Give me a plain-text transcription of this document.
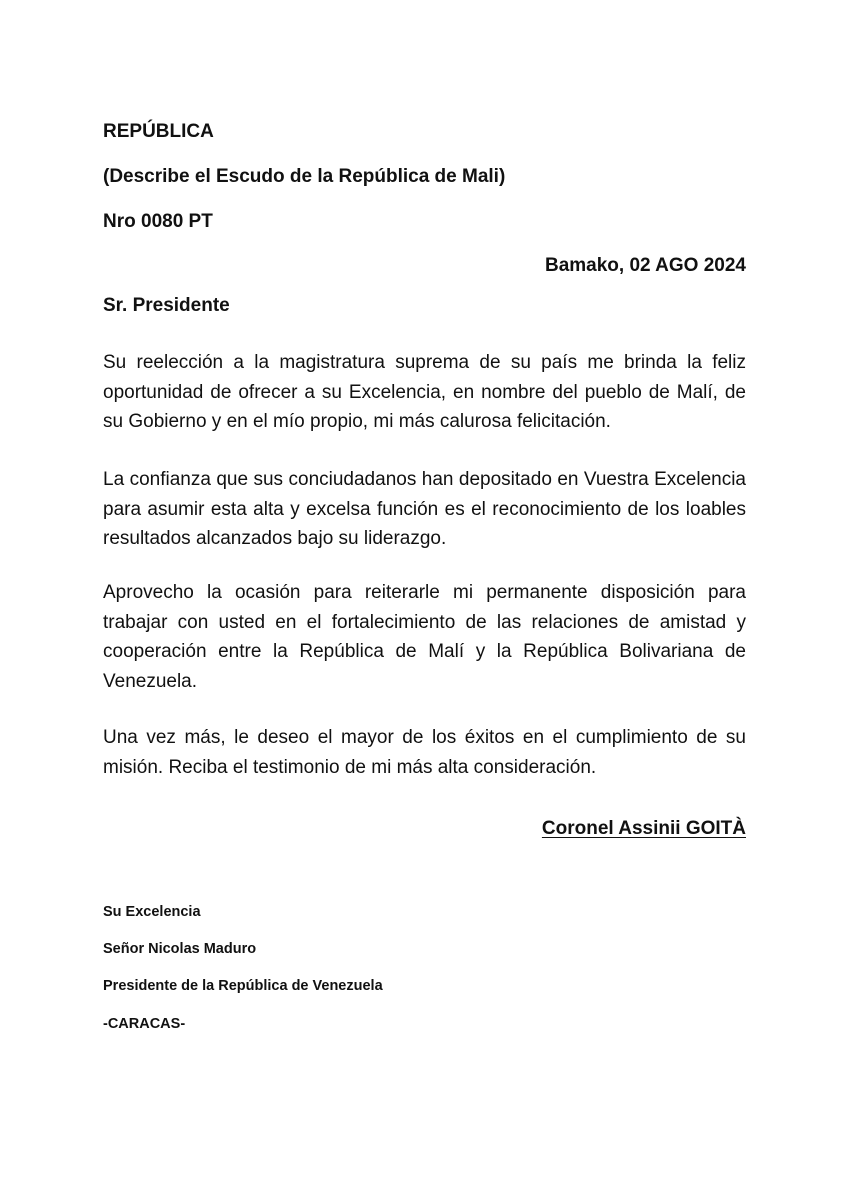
REPÚBLICA

(Describe el Escudo de la República de Mali)

Nro 0080 PT

Bamako, 02 AGO 2024

Sr. Presidente

Su reelección a la magistratura suprema de su país me brinda la feliz oportunidad de ofrecer a su Excelencia, en nombre del pueblo de Malí, de su Gobierno y en el mío propio, mi más calurosa felicitación.

La confianza que sus conciudadanos han depositado en Vuestra Excelencia para asumir esta alta y excelsa función es el reconocimiento de los loables resultados alcanzados bajo su liderazgo.

Aprovecho la ocasión para reiterarle mi permanente disposición para trabajar con usted en el fortalecimiento de las relaciones de amistad y cooperación entre la República de Malí y la República Bolivariana de Venezuela.

Una vez más, le deseo el mayor de los éxitos en el cumplimiento de su misión. Reciba el testimonio de mi más alta consideración.

Coronel Assinii GOITÀ

Su Excelencia

Señor Nicolas Maduro

Presidente de la República de Venezuela

-CARACAS-
